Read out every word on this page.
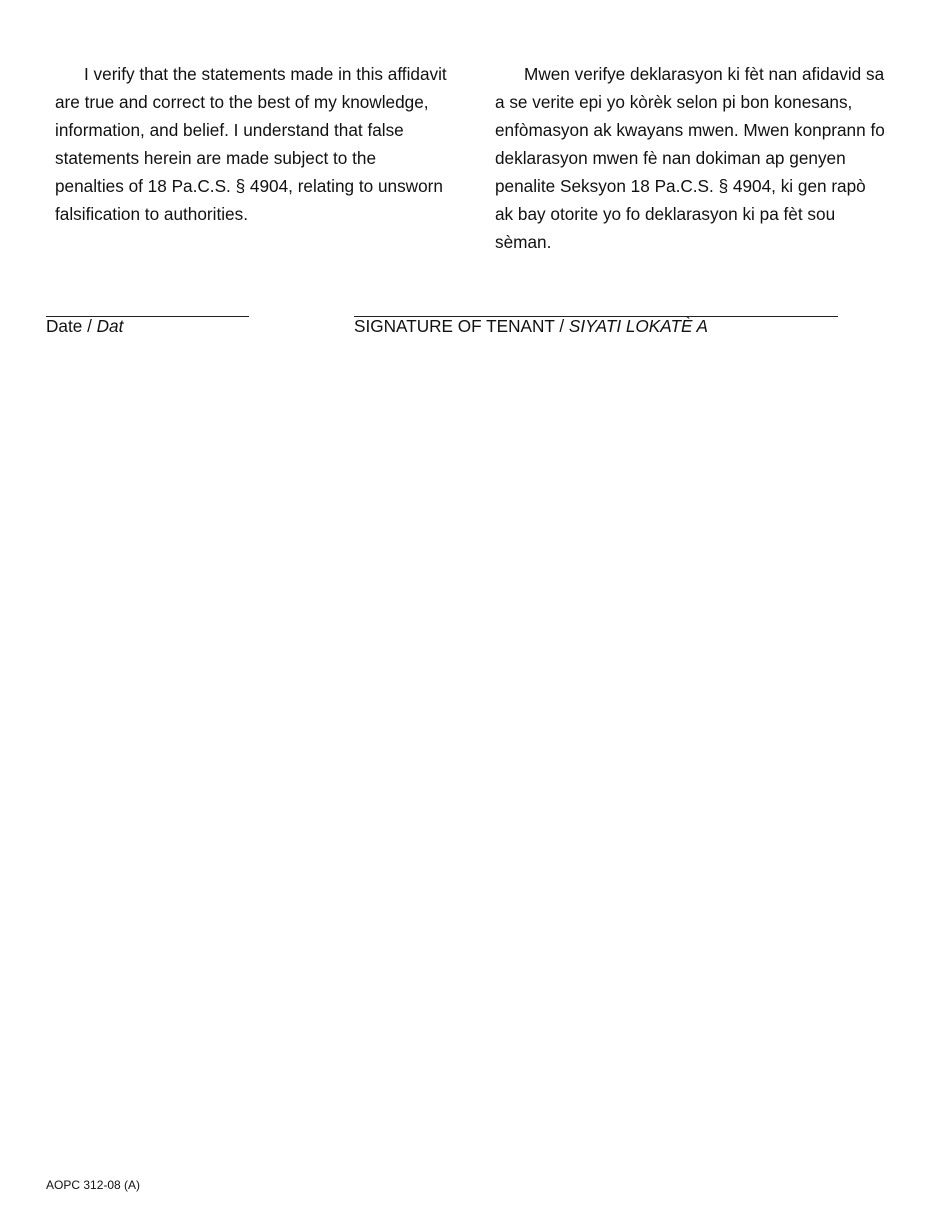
I verify that the statements made in this affidavit
are true and correct to the best of my knowledge,
information, and belief. I understand that false
statements herein are made subject to the
penalties of 18 Pa.C.S. § 4904, relating to unsworn
falsification to authorities.
Mwen verifye deklarasyon ki fèt nan afidavid sa
a se verite epi yo kòrèk selon pi bon konesans,
enfòmasyon ak kwayans mwen. Mwen konprann fo
deklarasyon mwen fè nan dokiman ap genyen
penalite Seksyon 18 Pa.C.S. § 4904, ki gen rapò
ak bay otorite yo fo deklarasyon ki pa fèt sou
sèman.
Date / Dat	SIGNATURE OF TENANT / SIYATI LOKATÈ A
AOPC 312-08 (A)
